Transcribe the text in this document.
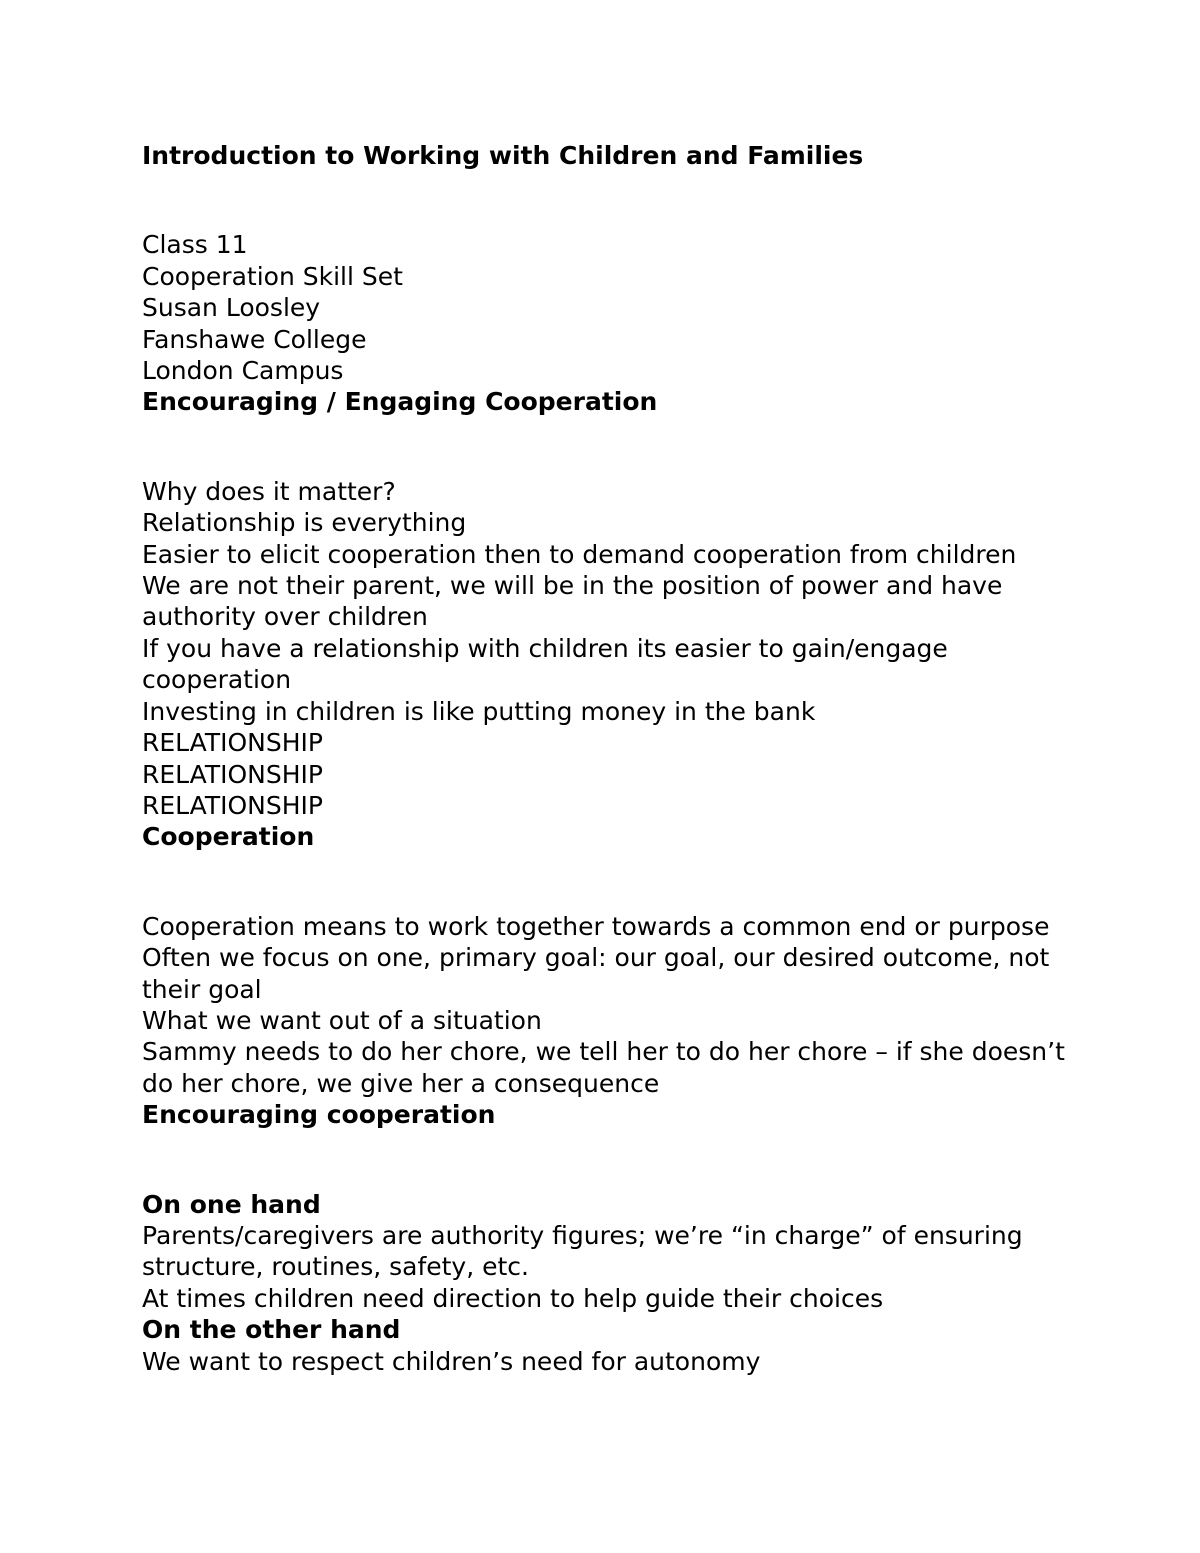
Introduction to Working with Children and Families

Class 11

Cooperation Skill Set

Susan Loosley

Fanshawe College

London Campus

Encouraging / Engaging Cooperation

Why does it matter?

Relationship is everything

Easier to elicit cooperation then to demand cooperation from children

We are not their parent, we will be in the position of power and have authority over children

If you have a relationship with children its easier to gain/engage cooperation

Investing in children is like putting money in the bank

RELATIONSHIP

RELATIONSHIP

RELATIONSHIP

Cooperation

Cooperation means to work together towards a common end or purpose

Often we focus on one, primary goal: our goal, our desired outcome, not their goal

What we want out of a situation

Sammy needs to do her chore, we tell her to do her chore – if she doesn’t do her chore, we give her a consequence

Encouraging cooperation

On one hand

Parents/caregivers are authority figures; we’re “in charge” of ensuring structure, routines, safety, etc.

At times children need direction to help guide their choices

On the other hand

We want to respect children’s need for autonomy
